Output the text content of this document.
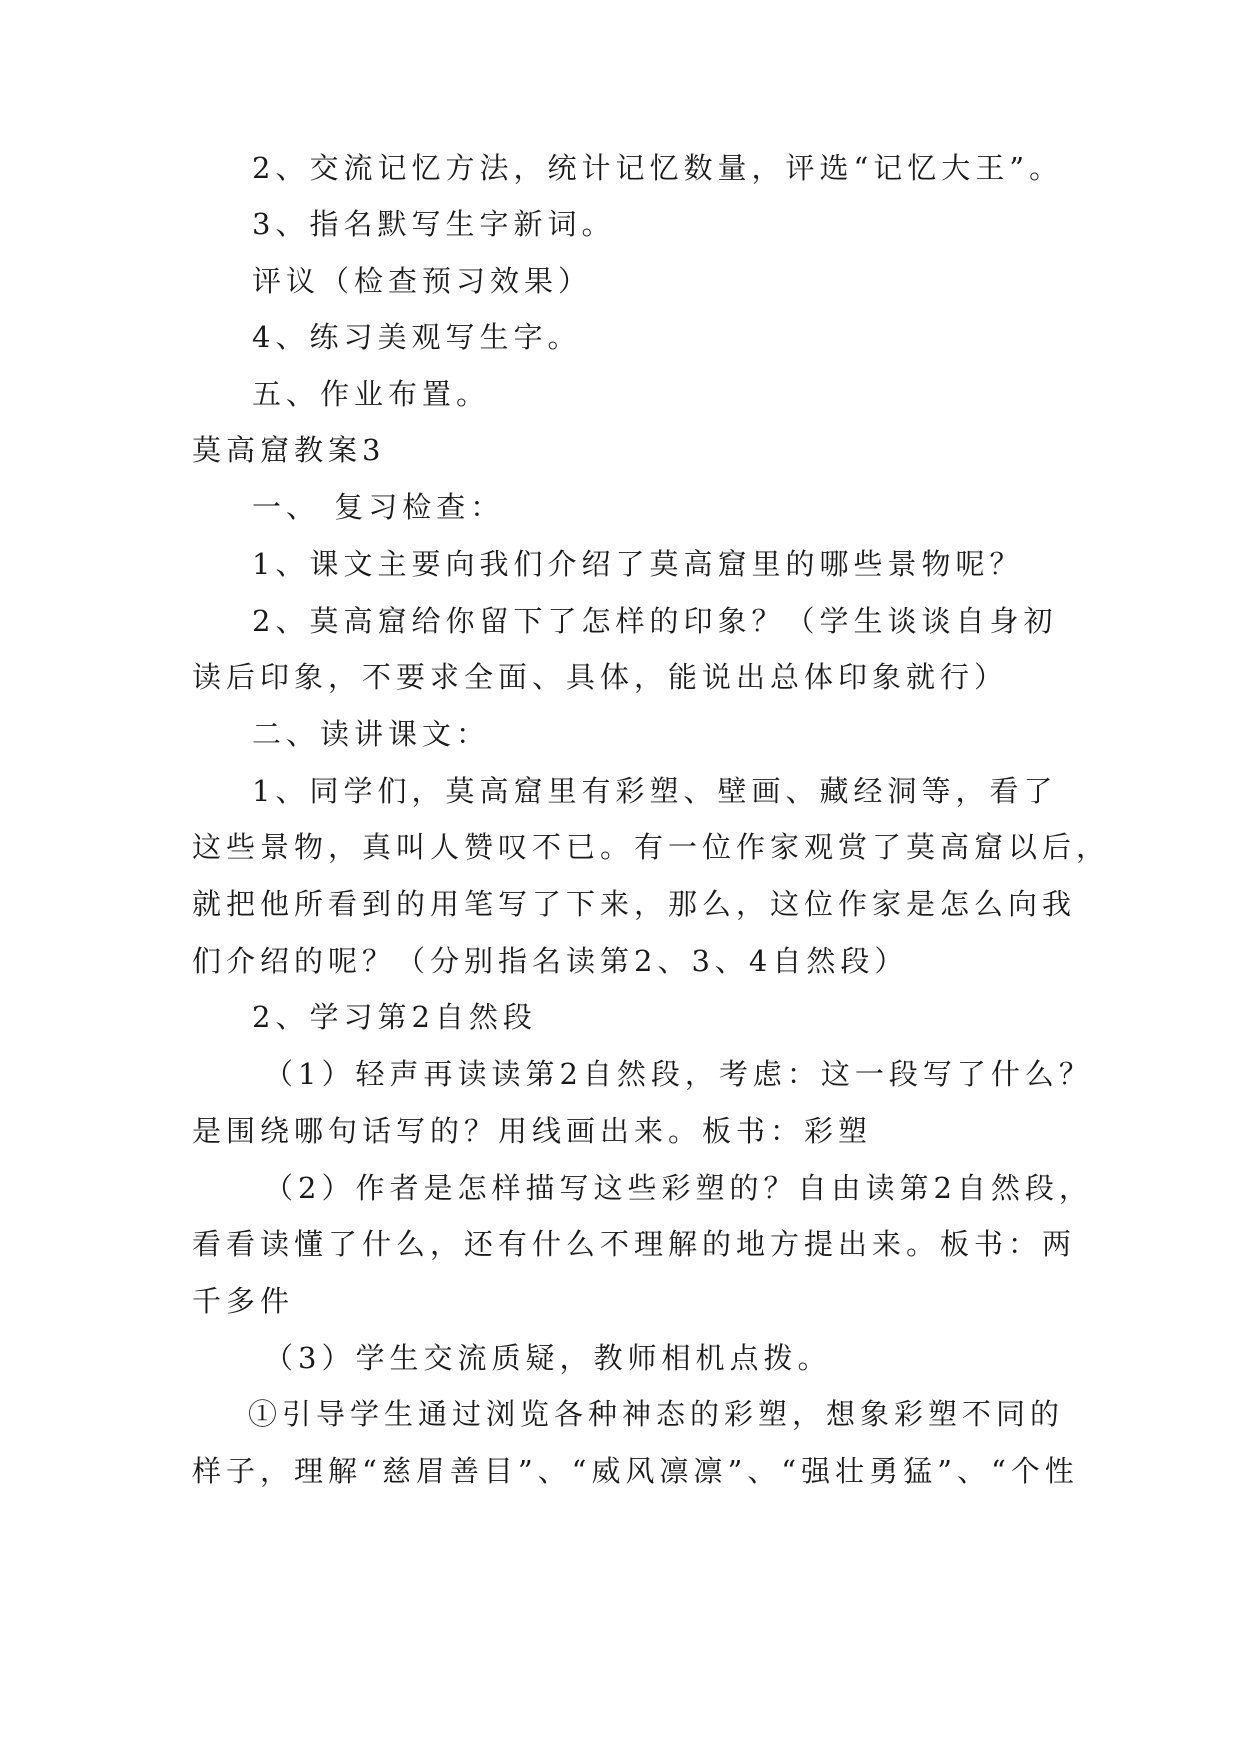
2、交流记忆方法，统计记忆数量，评选“记忆大王”。
3、指名默写生字新词。
评议（检查预习效果）
4、练习美观写生字。
五、作业布置。
莫高窟教案3
一、 复习检查：
1、课文主要向我们介绍了莫高窟里的哪些景物呢？
2、莫高窟给你留下了怎样的印象？（学生谈谈自身初
读后印象，不要求全面、具体，能说出总体印象就行）
二、读讲课文：
1、同学们，莫高窟里有彩塑、壁画、藏经洞等，看了
这些景物，真叫人赞叹不已。有一位作家观赏了莫高窟以后，
就把他所看到的用笔写了下来，那么，这位作家是怎么向我
们介绍的呢？（分别指名读第2、3、4自然段）
2、学习第2自然段
（1）轻声再读读第2自然段，考虑：这一段写了什么？
是围绕哪句话写的？用线画出来。板书：彩塑
（2）作者是怎样描写这些彩塑的？自由读第2自然段，
看看读懂了什么，还有什么不理解的地方提出来。板书：两
千多件
（3）学生交流质疑，教师相机点拨。
①引导学生通过浏览各种神态的彩塑，想象彩塑不同的
样子，理解“慈眉善目”、“威风凛凛”、“强壮勇猛”、“个性
